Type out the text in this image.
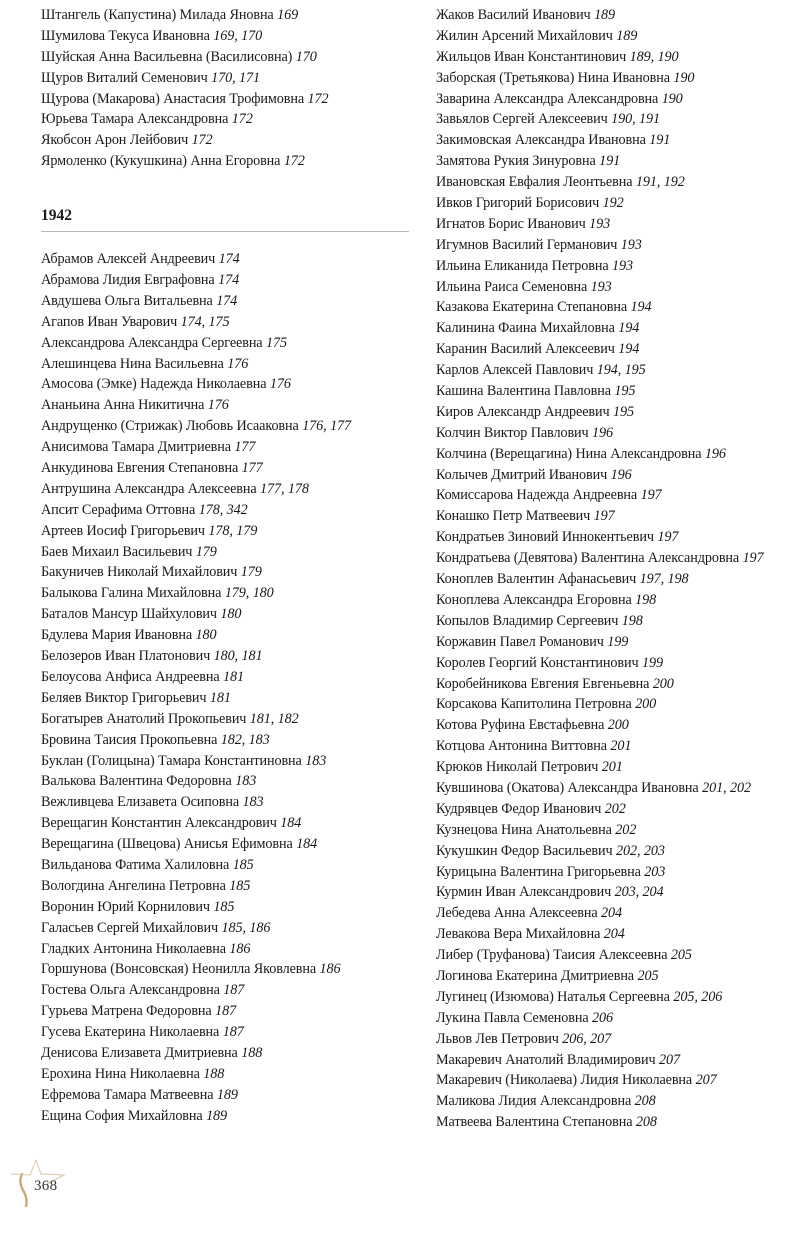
Штангель (Капустина) Милада Яновна 169
Шумилова Текуса Ивановна 169, 170
Шуйская Анна Васильевна (Василисовна) 170
Щуров Виталий Семенович 170, 171
Щурова (Макарова) Анастасия Трофимовна 172
Юрьева Тамара Александровна 172
Якобсон Арон Лейбович 172
Ярмоленко (Кукушкина) Анна Егоровна 172
1942
Абрамов Алексей Андреевич 174
Абрамова Лидия Евграфовна 174
Авдушева Ольга Витальевна 174
Агапов Иван Уварович 174, 175
Александрова Александра Сергеевна 175
Алешинцева Нина Васильевна 176
Амосова (Эмке) Надежда Николаевна 176
Ананьина Анна Никитична 176
Андрущенко (Стрижак) Любовь Исааковна 176, 177
Анисимова Тамара Дмитриевна 177
Анкудинова Евгения Степановна 177
Антрушина Александра Алексеевна 177, 178
Апсит Серафима Оттовна 178, 342
Артеев Иосиф Григорьевич 178, 179
Баев Михаил Васильевич 179
Бакуничев Николай Михайлович 179
Балыкова Галина Михайловна 179, 180
Баталов Мансур Шайхулович 180
Бдулева Мария Ивановна 180
Белозеров Иван Платонович 180, 181
Белоусова Анфиса Андреевна 181
Беляев Виктор Григорьевич 181
Богатырев Анатолий Прокопьевич 181, 182
Бровина Таисия Прокопьевна 182, 183
Буклан (Голицына) Тамара Константиновна 183
Валькова Валентина Федоровна 183
Вежливцева Елизавета Осиповна 183
Верещагин Константин Александрович 184
Верещагина (Швецова) Анисья Ефимовна 184
Вильданова Фатима Халиловна 185
Вологдина Ангелина Петровна 185
Воронин Юрий Корнилович 185
Галасьев Сергей Михайлович 185, 186
Гладких Антонина Николаевна 186
Горшунова (Вонсовская) Неонилла Яковлевна 186
Гостева Ольга Александровна 187
Гурьева Матрена Федоровна 187
Гусева Екатерина Николаевна 187
Денисова Елизавета Дмитриевна 188
Ерохина Нина Николаевна 188
Ефремова Тамара Матвеевна 189
Ещина София Михайловна 189
Жаков Василий Иванович 189
Жилин Арсений Михайлович 189
Жильцов Иван Константинович 189, 190
Заборская (Третьякова) Нина Ивановна 190
Заварина Александра Александровна 190
Завьялов Сергей Алексеевич 190, 191
Закимовская Александра Ивановна 191
Замятова Рукия Зинуровна 191
Ивановская Евфалия Леонтьевна 191, 192
Ивков Григорий Борисович 192
Игнатов Борис Иванович 193
Игумнов Василий Германович 193
Ильина Еликанида Петровна 193
Ильина Раиса Семеновна 193
Казакова Екатерина Степановна 194
Калинина Фаина Михайловна 194
Каранин Василий Алексеевич 194
Карлов Алексей Павлович 194, 195
Кашина Валентина Павловна 195
Киров Александр Андреевич 195
Колчин Виктор Павлович 196
Колчина (Верещагина) Нина Александровна 196
Колычев Дмитрий Иванович 196
Комиссарова Надежда Андреевна 197
Конашко Петр Матвеевич 197
Кондратьев Зиновий Иннокентьевич 197
Кондратьева (Девятова) Валентина Александровна 197
Коноплев Валентин Афанасьевич 197, 198
Коноплева Александра Егоровна 198
Копылов Владимир Сергеевич 198
Коржавин Павел Романович 199
Королев Георгий Константинович 199
Коробейникова Евгения Евгеньевна 200
Корсакова Капитолина Петровна 200
Котова Руфина Евстафьевна 200
Котцова Антонина Виттовна 201
Крюков Николай Петрович 201
Кувшинова (Окатова) Александра Ивановна 201, 202
Кудрявцев Федор Иванович 202
Кузнецова Нина Анатольевна 202
Кукушкин Федор Васильевич 202, 203
Курицына Валентина Григорьевна 203
Курмин Иван Александрович 203, 204
Лебедева Анна Алексеевна 204
Левакова Вера Михайловна 204
Либер (Труфанова) Таисия Алексеевна 205
Логинова Екатерина Дмитриевна 205
Лугинец (Изюмова) Наталья Сергеевна 205, 206
Лукина Павла Семеновна 206
Львов Лев Петрович 206, 207
Макаревич Анатолий Владимирович 207
Макаревич (Николаева) Лидия Николаевна 207
Маликова Лидия Александровна 208
Матвеева Валентина Степановна 208
368
